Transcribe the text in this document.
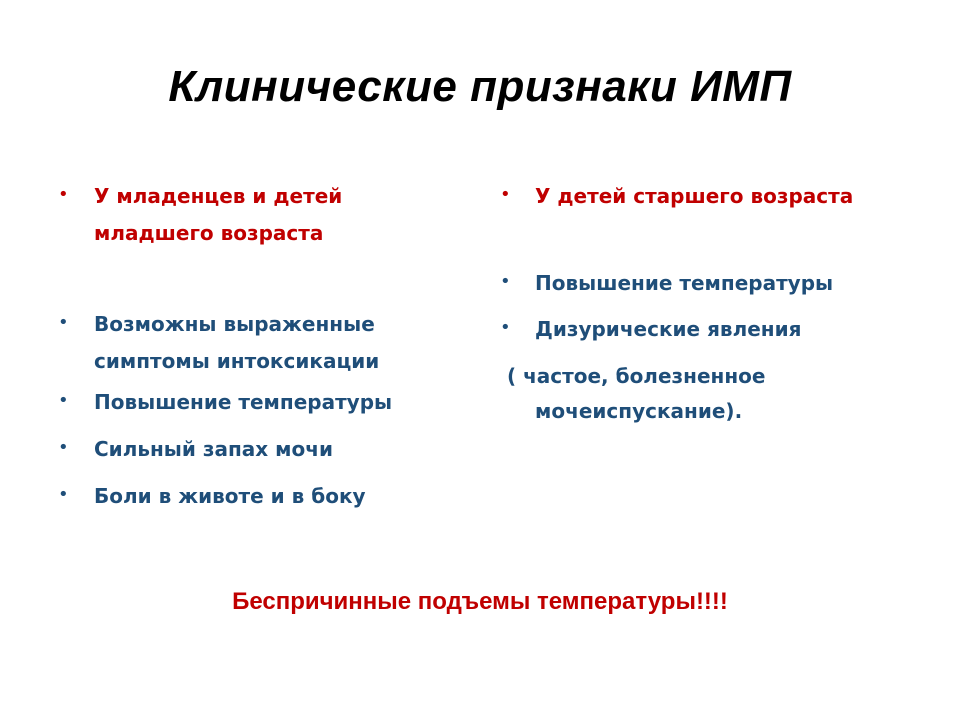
Клинические признаки ИМП
• У младенцев и детей
младшего возраста
• Возможны выраженные
симптомы интоксикации
• Повышение температуры
• Сильный запах мочи
• Боли в животе и в боку
• У детей старшего возраста
• Повышение температуры
• Дизурические явления
( частое, болезненное
мочеиспускание).
Беспричинные подъемы температуры!!!!
